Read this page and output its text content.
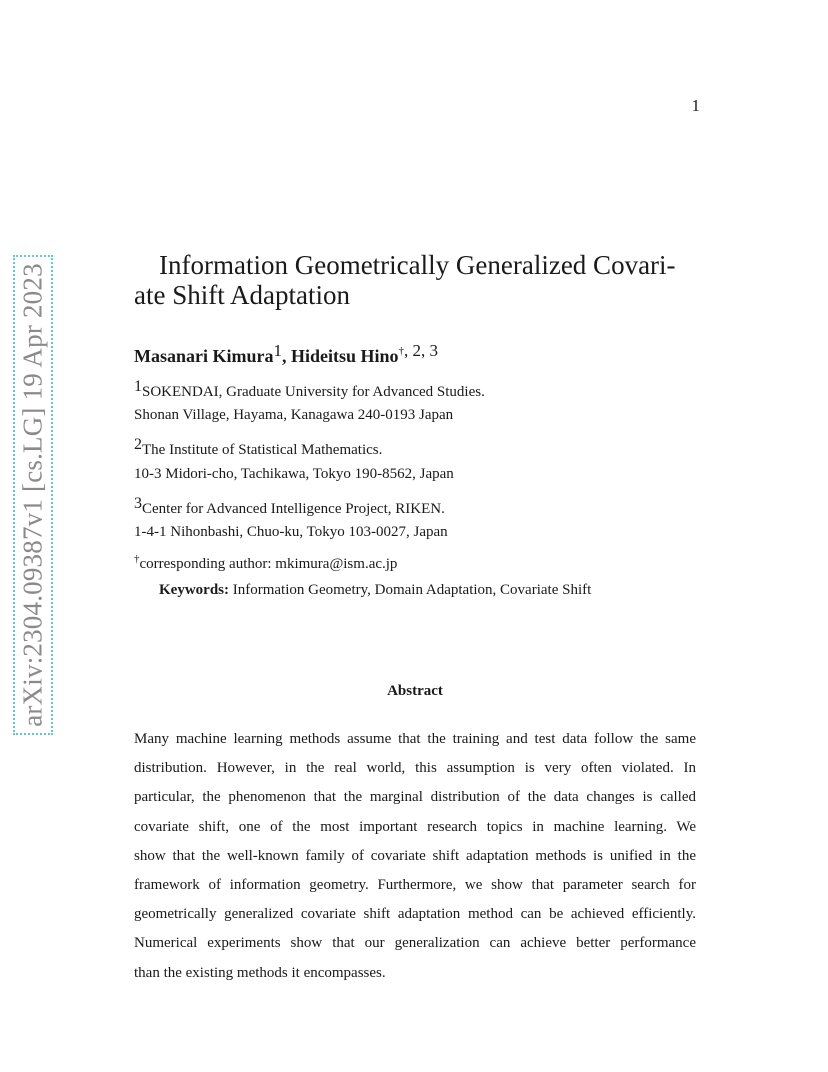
1
arXiv:2304.09387v1 [cs.LG] 19 Apr 2023	Information Geometrically Generalized Covari-
ate Shift Adaptation
Masanari Kimura1, Hideitsu Hino†, 2, 3
1SOKENDAI, Graduate University for Advanced Studies.
Shonan Village, Hayama, Kanagawa 240-0193 Japan
2The Institute of Statistical Mathematics.
10-3 Midori-cho, Tachikawa, Tokyo 190-8562, Japan
3Center for Advanced Intelligence Project, RIKEN.
1-4-1 Nihonbashi, Chuo-ku, Tokyo 103-0027, Japan
†corresponding author: mkimura@ism.ac.jp
Keywords: Information Geometry, Domain Adaptation, Covariate Shift
Abstract
Many machine learning methods assume that the training and test data follow the same
distribution. However, in the real world, this assumption is very often violated. In
particular, the phenomenon that the marginal distribution of the data changes is called
covariate shift, one of the most important research topics in machine learning. We
show that the well-known family of covariate shift adaptation methods is unified in the
framework of information geometry. Furthermore, we show that parameter search for
geometrically generalized covariate shift adaptation method can be achieved efficiently.
Numerical experiments show that our generalization can achieve better performance
than the existing methods it encompasses.
